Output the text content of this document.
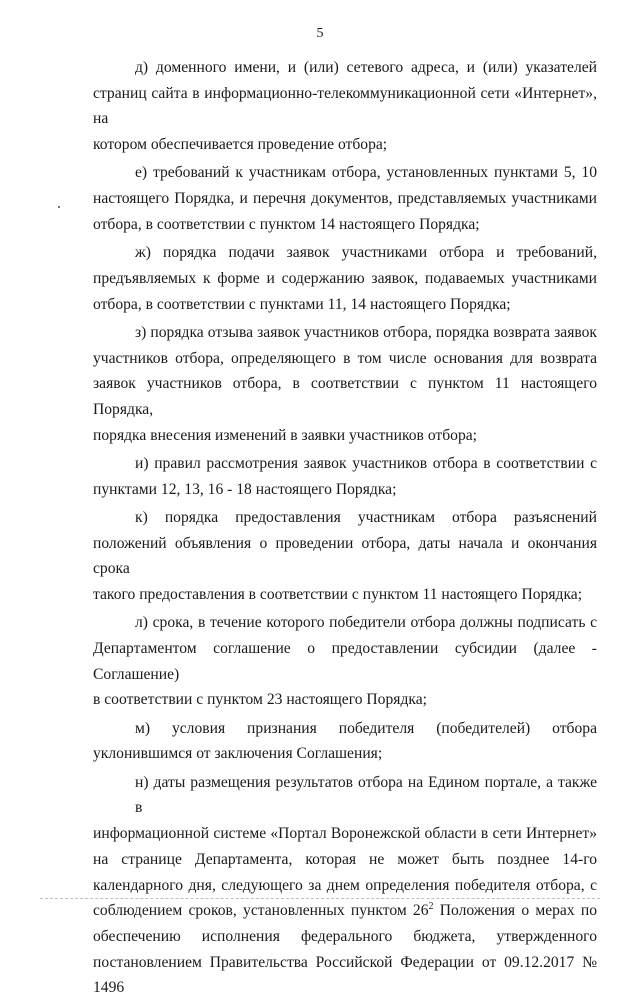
5

д) доменного имени, и (или) сетевого адреса, и (или) указателей
страниц сайта в информационно-телекоммуникационной сети «Интернет», на
котором обеспечивается проведение отбора;

е) требований к участникам отбора, установленных пунктами 5, 10
настоящего Порядка, и перечня документов, представляемых участниками
отбора, в соответствии с пунктом 14 настоящего Порядка;

ж) порядка подачи заявок участниками отбора и требований,
предъявляемых к форме и содержанию заявок, подаваемых участниками
отбора, в соответствии с пунктами 11, 14 настоящего Порядка;

з) порядка отзыва заявок участников отбора, порядка возврата заявок
участников отбора, определяющего в том числе основания для возврата
заявок участников отбора, в соответствии с пунктом 11 настоящего Порядка,
порядка внесения изменений в заявки участников отбора;

и) правил рассмотрения заявок участников отбора в соответствии с
пунктами 12, 13, 16 - 18 настоящего Порядка;

к) порядка предоставления участникам отбора разъяснений
положений объявления о проведении отбора, даты начала и окончания срока
такого предоставления в соответствии с пунктом 11 настоящего Порядка;

л) срока, в течение которого победители отбора должны подписать с
Департаментом соглашение о предоставлении субсидии (далее - Соглашение)
в соответствии с пунктом 23 настоящего Порядка;

м) условия признания победителя (победителей) отбора
уклонившимся от заключения Соглашения;

н) даты размещения результатов отбора на Едином портале, а также в
информационной системе «Портал Воронежской области в сети Интернет»
на странице Департамента, которая не может быть позднее 14-го
календарного дня, следующего за днем определения победителя отбора, с
соблюдением сроков, установленных пунктом $26^2$ Положения о мерах по
обеспечению исполнения федерального бюджета, утвержденного
постановлением Правительства Российской Федерации от 09.12.2017 № 1496
